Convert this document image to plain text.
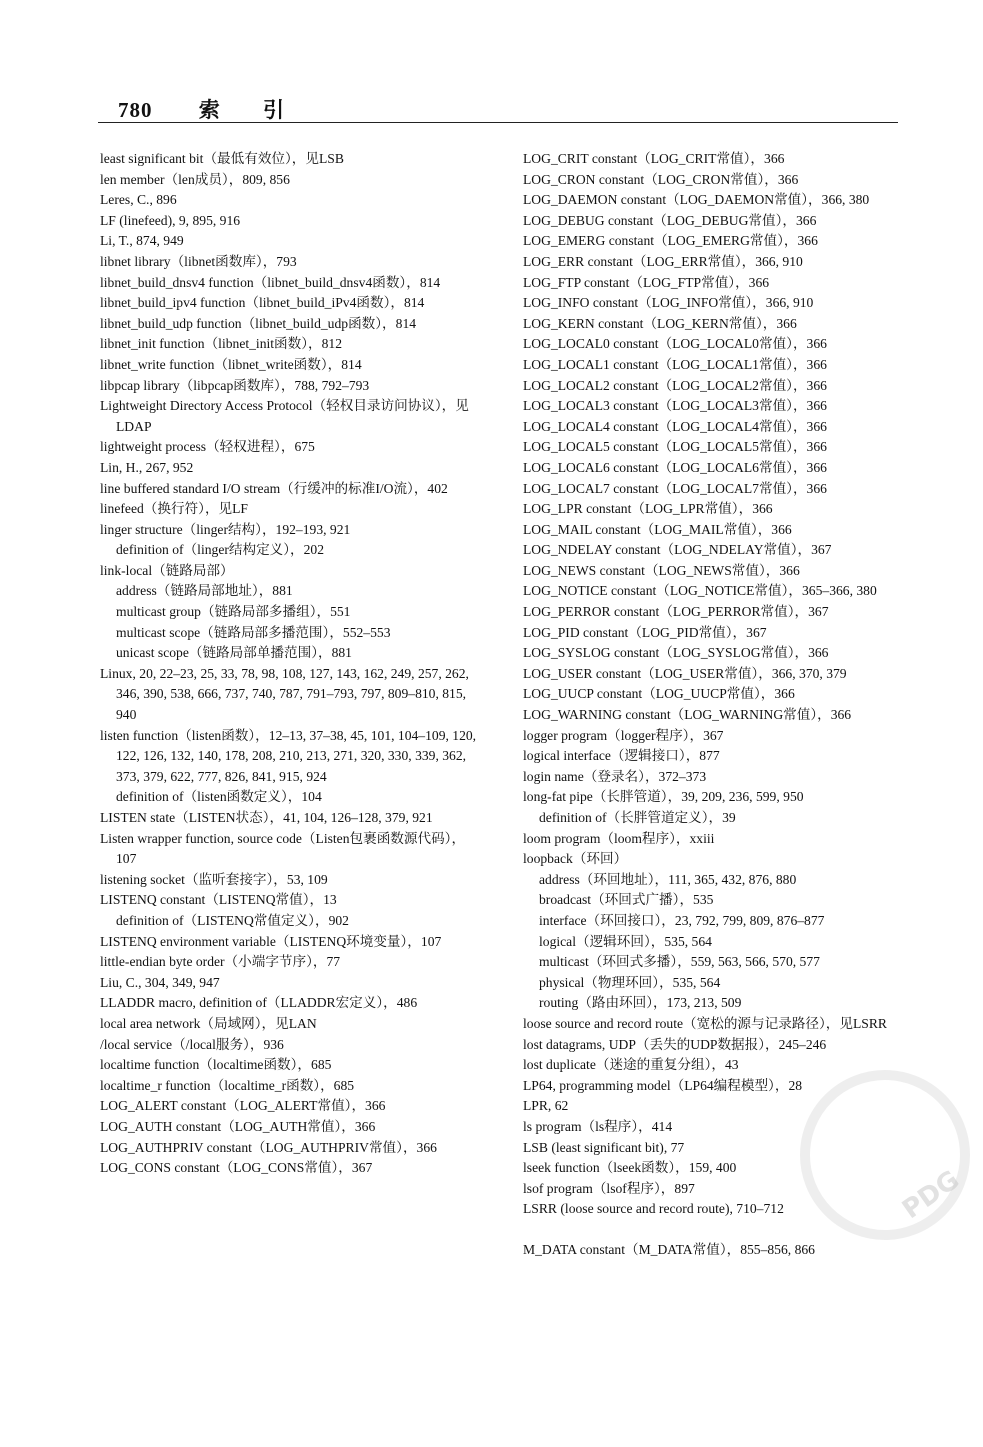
780 索 引

least significant bit（最低有效位），见LSB

len member（len成员），809, 856

Leres, C., 896

LF (linefeed), 9, 895, 916

Li, T., 874, 949

libnet library（libnet函数库），793

libnet_build_dnsv4 function（libnet_build_dnsv4函数），814

libnet_build_ipv4 function（libnet_build_iPv4函数），814

libnet_build_udp function（libnet_build_udp函数），814

libnet_init function（libnet_init函数），812

libnet_write function（libnet_write函数），814

libpcap library（libpcap函数库），788, 792–793

Lightweight Directory Access Protocol（轻权目录访问协议），见LDAP

lightweight process（轻权进程），675

Lin, H., 267, 952

line buffered standard I/O stream（行缓冲的标准I/O流），402

linefeed（换行符），见LF

linger structure（linger结构），192–193, 921

definition of（linger结构定义），202

link-local（链路局部）

address（链路局部地址），881

multicast group（链路局部多播组），551

multicast scope（链路局部多播范围），552–553

unicast scope（链路局部单播范围），881

Linux, 20, 22–23, 25, 33, 78, 98, 108, 127, 143, 162, 249, 257, 262, 346, 390, 538, 666, 737, 740, 787, 791–793, 797, 809–810, 815, 940

listen function（listen函数），12–13, 37–38, 45, 101, 104–109, 120, 122, 126, 132, 140, 178, 208, 210, 213, 271, 320, 330, 339, 362, 373, 379, 622, 777, 826, 841, 915, 924

definition of（listen函数定义），104

LISTEN state（LISTEN状态），41, 104, 126–128, 379, 921

Listen wrapper function, source code（Listen包裹函数源代码），107

listening socket（监听套接字），53, 109

LISTENQ constant（LISTENQ常值），13

definition of（LISTENQ常值定义），902

LISTENQ environment variable（LISTENQ环境变量），107

little-endian byte order（小端字节序），77

Liu, C., 304, 349, 947

LLADDR macro, definition of（LLADDR宏定义），486

local area network（局域网），见LAN

/local service（/local服务），936

localtime function（localtime函数），685

localtime_r function（localtime_r函数），685

LOG_ALERT constant（LOG_ALERT常值），366

LOG_AUTH constant（LOG_AUTH常值），366

LOG_AUTHPRIV constant（LOG_AUTHPRIV常值），366

LOG_CONS constant（LOG_CONS常值），367

LOG_CRIT constant（LOG_CRIT常值），366

LOG_CRON constant（LOG_CRON常值），366

LOG_DAEMON constant（LOG_DAEMON常值），366, 380

LOG_DEBUG constant（LOG_DEBUG常值），366

LOG_EMERG constant（LOG_EMERG常值），366

LOG_ERR constant（LOG_ERR常值），366, 910

LOG_FTP constant（LOG_FTP常值），366

LOG_INFO constant（LOG_INFO常值），366, 910

LOG_KERN constant（LOG_KERN常值），366

LOG_LOCAL0 constant（LOG_LOCAL0常值），366

LOG_LOCAL1 constant（LOG_LOCAL1常值），366

LOG_LOCAL2 constant（LOG_LOCAL2常值），366

LOG_LOCAL3 constant（LOG_LOCAL3常值），366

LOG_LOCAL4 constant（LOG_LOCAL4常值），366

LOG_LOCAL5 constant（LOG_LOCAL5常值），366

LOG_LOCAL6 constant（LOG_LOCAL6常值），366

LOG_LOCAL7 constant（LOG_LOCAL7常值），366

LOG_LPR constant（LOG_LPR常值），366

LOG_MAIL constant（LOG_MAIL常值），366

LOG_NDELAY constant（LOG_NDELAY常值），367

LOG_NEWS constant（LOG_NEWS常值），366

LOG_NOTICE constant（LOG_NOTICE常值），365–366, 380

LOG_PERROR constant（LOG_PERROR常值），367

LOG_PID constant（LOG_PID常值），367

LOG_SYSLOG constant（LOG_SYSLOG常值），366

LOG_USER constant（LOG_USER常值），366, 370, 379

LOG_UUCP constant（LOG_UUCP常值），366

LOG_WARNING constant（LOG_WARNING常值），366

logger program（logger程序），367

logical interface（逻辑接口），877

login name（登录名），372–373

long-fat pipe（长胖管道），39, 209, 236, 599, 950

definition of（长胖管道定义），39

loom program（loom程序），xxiii

loopback（环回）

address（环回地址），111, 365, 432, 876, 880

broadcast（环回式广播），535

interface（环回接口），23, 792, 799, 809, 876–877

logical（逻辑环回），535, 564

multicast（环回式多播），559, 563, 566, 570, 577

physical（物理环回），535, 564

routing（路由环回），173, 213, 509

loose source and record route（宽松的源与记录路径），见LSRR

lost datagrams, UDP（丢失的UDP数据报），245–246

lost duplicate（迷途的重复分组），43

LP64, programming model（LP64编程模型），28

LPR, 62

ls program（ls程序），414

LSB (least significant bit), 77

lseek function（lseek函数），159, 400

lsof program（lsof程序），897

LSRR (loose source and record route), 710–712

M_DATA constant（M_DATA常值），855–856, 866

PDG
